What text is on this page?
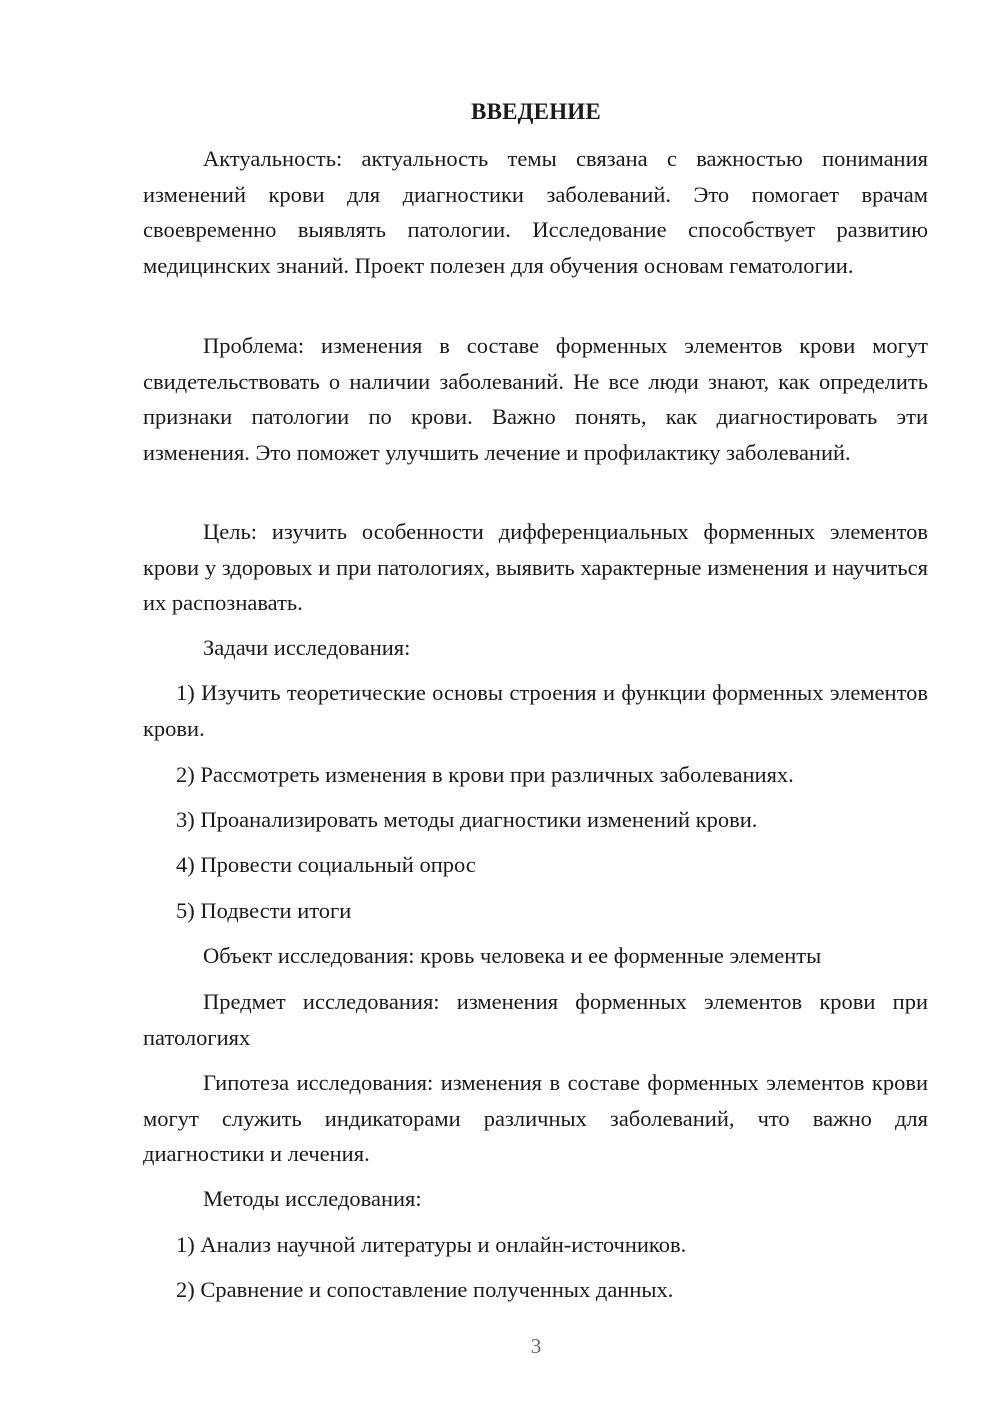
ВВЕДЕНИЕ
Актуальность: актуальность темы связана с важностью понимания изменений крови для диагностики заболеваний. Это помогает врачам своевременно выявлять патологии. Исследование способствует развитию медицинских знаний. Проект полезен для обучения основам гематологии.
Проблема: изменения в составе форменных элементов крови могут свидетельствовать о наличии заболеваний. Не все люди знают, как определить признаки патологии по крови. Важно понять, как диагностировать эти изменения. Это поможет улучшить лечение и профилактику заболеваний.
Цель: изучить особенности дифференциальных форменных элементов крови у здоровых и при патологиях, выявить характерные изменения и научиться их распознавать.
Задачи исследования:
1) Изучить теоретические основы строения и функции форменных элементов крови.
2) Рассмотреть изменения в крови при различных заболеваниях.
3) Проанализировать методы диагностики изменений крови.
4) Провести социальный опрос
5) Подвести итоги
Объект исследования: кровь человека и ее форменные элементы
Предмет исследования: изменения форменных элементов крови при патологиях
Гипотеза исследования: изменения в составе форменных элементов крови могут служить индикаторами различных заболеваний, что важно для диагностики и лечения.
Методы исследования:
1) Анализ научной литературы и онлайн-источников.
2) Сравнение и сопоставление полученных данных.
3
